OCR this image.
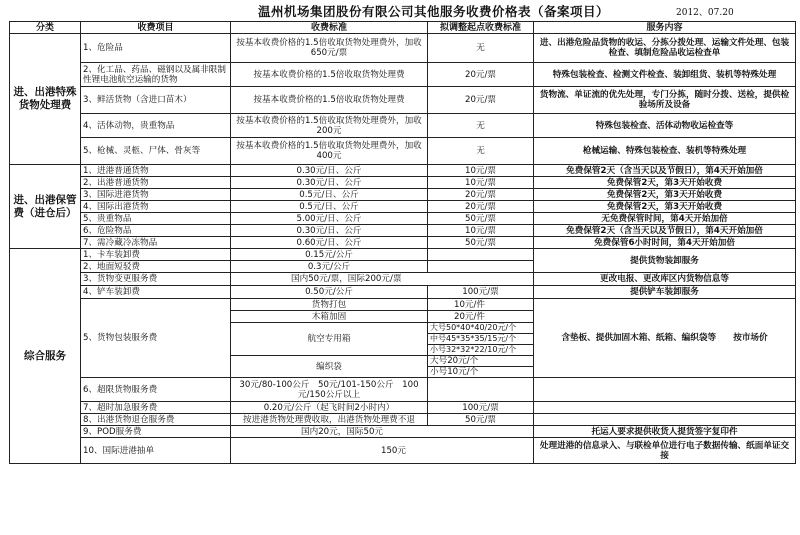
温州机场集团股份有限公司其他服务收费价格表（备案项目）	2012、07.20
分类	收费项目	收费标准	拟调整起点收费标准	服务内容
进、出港特殊货物处理费	1、危险品	按基本收费价格的1.5倍收取货物处理费外，加收650元/票	无	进、出港危险品货物的收运、分拣分拨处理、运输文件处理、包装检查、填制危险品收运检查单
	2、化工品、药品、磁钢以及属非限制性锂电池航空运输的货物	按基本收费价格的1.5倍收取货物处理费	20元/票	特殊包装检查、检测文件检查、装卸组货、装机等特殊处理
	3、鲜活货物（含进口苗木）	按基本收费价格的1.5倍收取货物处理费	20元/票	货物流、单证流的优先处理，专门分拣，随时分拨、送检，提供检验场所及设备
	4、活体动物，贵重物品	按基本收费价格的1.5倍收取货物处理费外，加收200元	无	特殊包装检查、活体动物收运检查等
	5、枪械、灵柩、尸体、骨灰等	按基本收费价格的1.5倍收取货物处理费外，加收400元	无	枪械运输、特殊包装检查、装机等特殊处理
进、出港保管费（进仓后）	1、进港普通货物	0.30元/日、公斤	10元/票	免费保管2天（含当天以及节假日），第4天开始加倍
	2、出港普通货物	0.30元/日、公斤	10元/票	免费保管2天，第3天开始收费
	3、国际进港货物	0.5元/日、公斤	20元/票	免费保管2天，第3天开始收费
	4、国际出港货物	0.5元/日、公斤	20元/票	免费保管2天，第3天开始收费
	5、贵重物品	5.00元/日、公斤	50元/票	无免费保管时间，第4天开始加倍
	6、危险物品	0.30元/日、公斤	10元/票	免费保管2天（含当天以及节假日），第4天开始加倍
	7、需冷藏冷冻物品	0.60元/日、公斤	50元/票	免费保管6小时时间，第4天开始加倍
综合服务	1、卡车装卸费	0.15元/公斤		提供货物装卸服务
	2、地面短驳费	0.3元/公斤		
	3、货物变更服务费	国内50元/票，国际200元/票		更改电报、更改库区内货物信息等
	4、铲车装卸费	0.50元/公斤	100元/票	提供铲车装卸服务
	5、货物包装服务费	货物打包	10元/件	含垫板、提供加固木箱、纸箱、编织袋等　　按市场价
		木箱加固	20元/件	
		航空专用箱	大号50*40*40/20元/个	
			中号45*35*35/15元/个	
			小号32*32*22/10元/个	
		编织袋	大号20元/个	
			小号10元/个	
	6、超限货物服务费	30元/80-100公斤　50元/101-150公斤　100元/150公斤以上		
	7、超时加急服务费	0.20元/公斤（起飞时间2小时内）	100元/票	
	8、出港货物退仓服务费	按进港货物处理费收取，出港货物处理费不退	50元/票	
	9、POD服务费	国内20元，国际50元		托运人要求提供收货人提货签字复印件
	10、国际进港抽单	150元		处理进港的信息录入、与联检单位进行电子数据传输、纸面单证交接
